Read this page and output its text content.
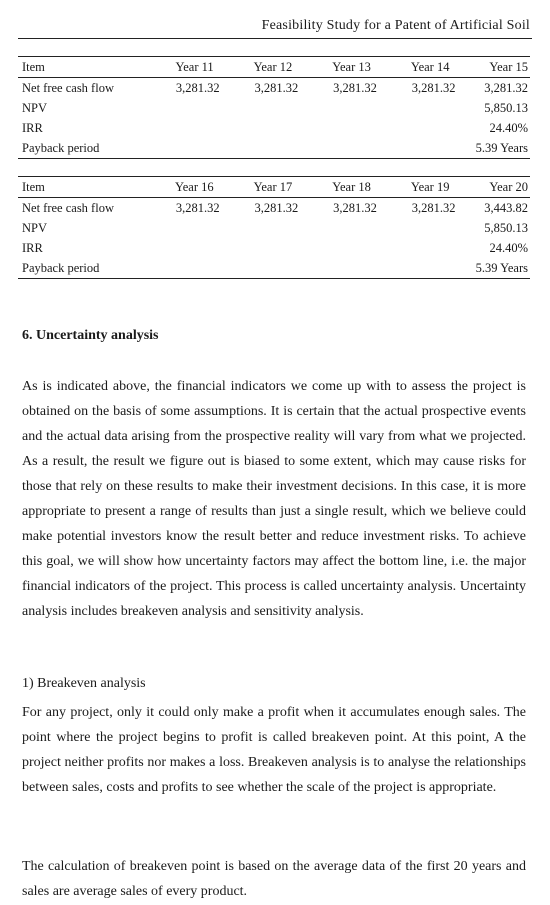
Feasibility Study for a Patent of Artificial Soil
Item	Year 11	Year 12	Year 13	Year 14	Year 15
Net free cash flow	3,281.32	3,281.32	3,281.32	3,281.32	3,281.32
NPV					5,850.13
IRR					24.40%
Payback period					5.39 Years
Item	Year 16	Year 17	Year 18	Year 19	Year 20
Net free cash flow	3,281.32	3,281.32	3,281.32	3,281.32	3,443.82
NPV					5,850.13
IRR					24.40%
Payback period					5.39 Years
6. Uncertainty analysis

As is indicated above, the financial indicators we come up with to assess the project is obtained on the basis of some assumptions. It is certain that the actual prospective events and the actual data arising from the prospective reality will vary from what we projected. As a result, the result we figure out is biased to some extent, which may cause risks for those that rely on these results to make their investment decisions. In this case, it is more appropriate to present a range of results than just a single result, which we believe could make potential investors know the result better and reduce investment risks. To achieve this goal, we will show how uncertainty factors may affect the bottom line, i.e. the major financial indicators of the project. This process is called uncertainty analysis. Uncertainty analysis includes breakeven analysis and sensitivity analysis.

1) Breakeven analysis

For any project, only it could only make a profit when it accumulates enough sales. The point where the project begins to profit is called breakeven point. At this point, A the project neither profits nor makes a loss. Breakeven analysis is to analyse the relationships between sales, costs and profits to see whether the scale of the project is appropriate.

The calculation of breakeven point is based on the average data of the first 20 years and sales are average sales of every product.
